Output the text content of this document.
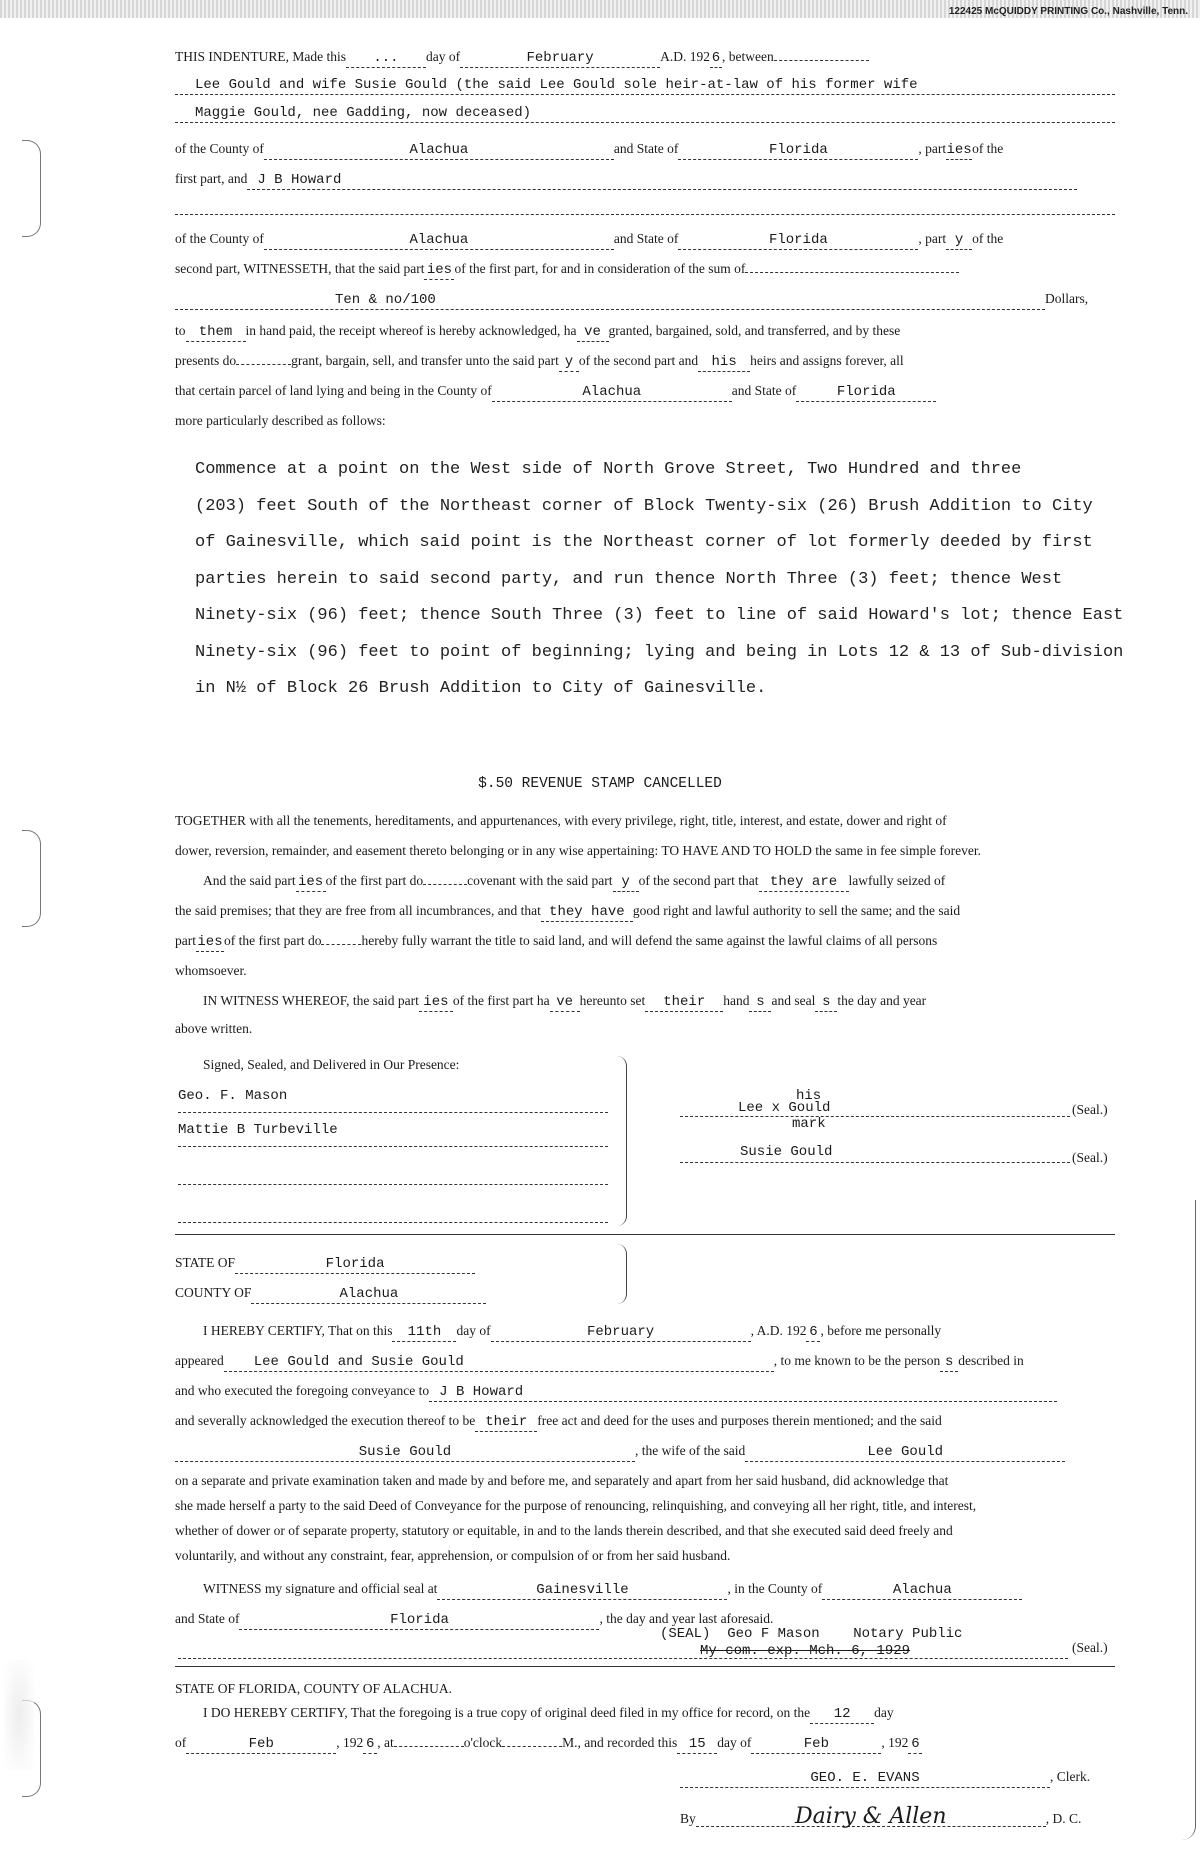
122425 McQUIDDY PRINTING Co., Nashville, Tenn.
THIS INDENTURE, Made this ... day of	February	A.D. 192 6 , between
Lee Gould and wife Susie Gould (the said Lee Gould sole heir-at-law of his former wife
Maggie Gould, nee Gadding, now deceased)
of the County of	Alachua	and State of	Florida	, partiesof the
first part, and J B Howard
of the County of	Alachua	and State of	Florida	, part y of the
second part, WITNESSETH, that the said part ies of the first part, for and in consideration of the sum of
Ten & no/100	Dollars,
to them in hand paid, the receipt whereof is hereby acknowledged, ha ve granted, bargained, sold, and transferred, and by these
presents do	grant, bargain, sell, and transfer unto the said part y of the second part and his heirs and assigns forever, all
that certain parcel of land lying and being in the County of	Alachua	and State of	Florida
more particularly described as follows:
Commence at a point on the West side of North Grove Street, Two Hundred and three
(203) feet South of the Northeast corner of Block Twenty-six (26) Brush Addition to City
of Gainesville, which said point is the Northeast corner of lot formerly deeded by first
parties herein to said second party, and run thence North Three (3) feet; thence West
Ninety-six (96) feet; thence South Three (3) feet to line of said Howard's lot; thence East
Ninety-six (96) feet to point of beginning; lying and being in Lots 12 & 13 of Sub-division
in N½ of Block 26 Brush Addition to City of Gainesville.
$.50 REVENUE STAMP CANCELLED
TOGETHER with all the tenements, hereditaments, and appurtenances, with every privilege, right, title, interest, and estate, dower and right of
dower, reversion, remainder, and easement thereto belonging or in any wise appertaining: TO HAVE AND TO HOLD the same in fee simple forever.
And the said part ies of the first part do	covenant with the said part y of the second part that they are lawfully seized of
the said premises; that they are free from all incumbrances, and that they have good right and lawful authority to sell the same; and the said
partiesof the first part do	hereby fully warrant the title to said land, and will defend the same against the lawful claims of all persons
whomsoever.
IN WITNESS WHEREOF, the said part ies of the first part ha ve hereunto set their hand s and seal s the day and year
above written.
Signed, Sealed, and Delivered in Our Presence:
Geo. F. Mason
Mattie B Turbeville
his
Lee x Gould
mark
(Seal.)
Susie Gould	(Seal.)
STATE OF	Florida
COUNTY OF	Alachua
I HEREBY CERTIFY, That on this 11th day of	February	, A.D. 192 6 , before me personally
appeared Lee Gould and Susie Gould	, to me known to be the person s described in
and who executed the foregoing conveyance to J B Howard
and severally acknowledged the execution thereof to be their free act and deed for the uses and purposes therein mentioned; and the said
Susie Gould	, the wife of the said	Lee Gould
on a separate and private examination taken and made by and before me, and separately and apart from her said husband, did acknowledge that
she made herself a party to the said Deed of Conveyance for the purpose of renouncing, relinquishing, and conveying all her right, title, and interest,
whether of dower or of separate property, statutory or equitable, in and to the lands therein described, and that she executed said deed freely and
voluntarily, and without any constraint, fear, apprehension, or compulsion of or from her said husband.
WITNESS my signature and official seal at	Gainesville	, in the County of	Alachua
and State of	Florida	, the day and year last aforesaid.
(SEAL)  Geo F Mason    Notary Public
My com. exp. Mch. 6, 1929	(Seal.)
STATE OF FLORIDA, COUNTY OF ALACHUA.
I DO HEREBY CERTIFY, That the foregoing is a true copy of original deed filed in my office for record, on the 12 day
of	Feb	, 192 6 , at	o'clock	M., and recorded this 15 day of	Feb	, 192 6
GEO. E. EVANS	, Clerk.
By	Dairy & Allen	, D. C.
